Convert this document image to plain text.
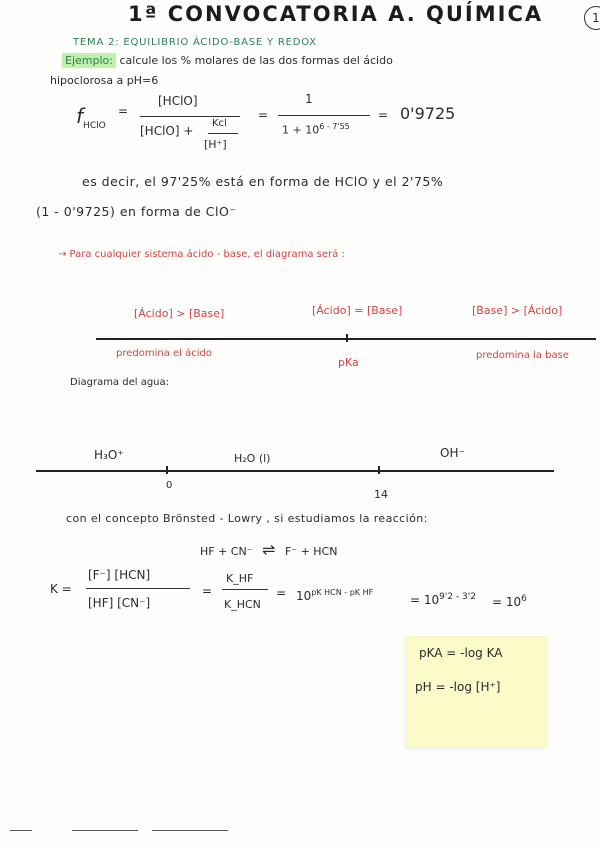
1ª CONVOCATORIA A. QUÍMICA	1
TEMA 2: EQUILIBRIO ÁCIDO-BASE Y REDOX
Ejemplo: calcule los % molares de las dos formas del ácido
hipoclorosa a pH=6
$f_{HClO}$
=
[HClO]
[HClO] +
Kcl
[H⁺]
=
1
$1 + 10^{6 - 7'55}$
= 0'9725
es decir, el 97'25% está en forma de HClO y el 2'75%
(1 - 0'9725) en forma de ClO⁻
→ Para cualquier sistema ácido - base, el diagrama será :
[Ácido] > [Base]	[Ácido] = [Base]	[Base] > [Ácido]
predomina el ácido
pKa
predomina la base
Diagrama del agua:
H₃O⁺	H₂O (l)	OH⁻
0
14
con el concepto Brönsted - Lowry , si estudiamos la reacción:
HF + CN⁻ ⇌ F⁻ + HCN
K =
[F⁻] [HCN]
[HF] [CN⁻]
=
K_HF
K_HCN
= $10^{pK HCN - pK HF}$
= $10^{9'2 - 3'2} = 10^6$
pKA = -log KA
pH = -log [H⁺]
